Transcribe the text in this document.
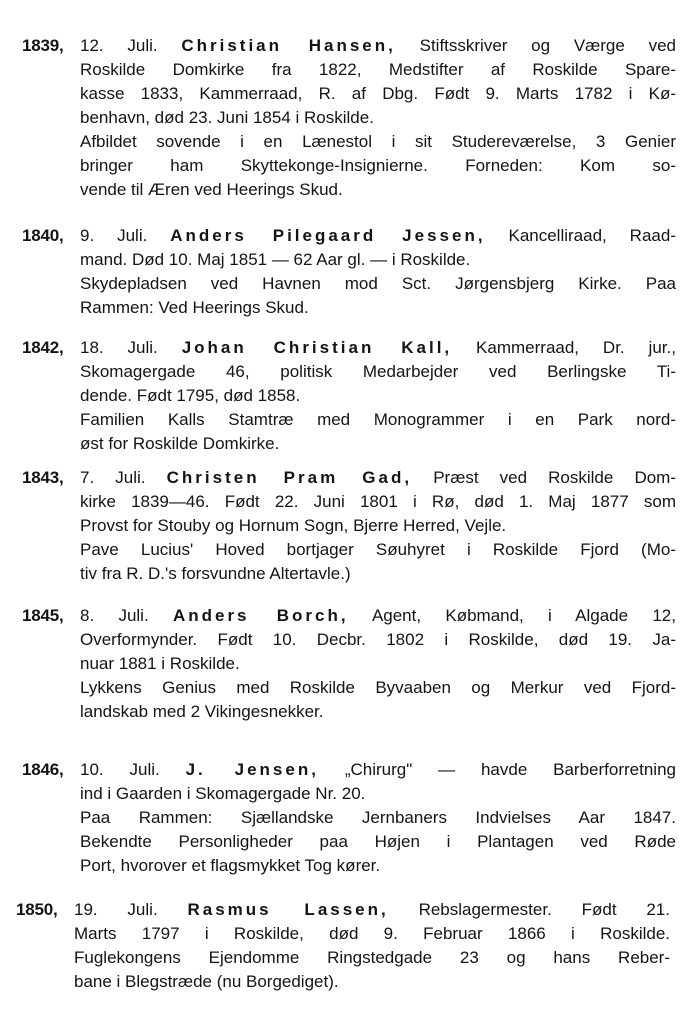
1839, 12. Juli. Christian Hansen, Stiftsskriver og Værge ved
Roskilde Domkirke fra 1822, Medstifter af Roskilde Spare-
kasse 1833, Kammerraad, R. af Dbg. Født 9. Marts 1782 i Kø-
benhavn, død 23. Juni 1854 i Roskilde.
Afbildet sovende i en Lænestol i sit Studereværelse, 3 Genier
bringer ham Skyttekonge-Insignierne. Forneden: Kom so-
vende til Æren ved Heerings Skud.
1840, 9. Juli. Anders Pilegaard Jessen, Kancelliraad, Raad-
mand. Død 10. Maj 1851 — 62 Aar gl. — i Roskilde.
Skydepladsen ved Havnen mod Sct. Jørgensbjerg Kirke. Paa
Rammen: Ved Heerings Skud.
1842, 18. Juli. Johan Christian Kall, Kammerraad, Dr. jur.,
Skomagergade 46, politisk Medarbejder ved Berlingske Ti-
dende. Født 1795, død 1858.
Familien Kalls Stamtræ med Monogrammer i en Park nord-
øst for Roskilde Domkirke.
1843, 7. Juli. Christen Pram Gad, Præst ved Roskilde Dom-
kirke 1839—46. Født 22. Juni 1801 i Rø, død 1. Maj 1877 som
Provst for Stouby og Hornum Sogn, Bjerre Herred, Vejle.
Pave Lucius' Hoved bortjager Søuhyret i Roskilde Fjord (Mo-
tiv fra R. D.'s forsvundne Altertavle.)
1845, 8. Juli. Anders Borch, Agent, Købmand, i Algade 12,
Overformynder. Født 10. Decbr. 1802 i Roskilde, død 19. Ja-
nuar 1881 i Roskilde.
Lykkens Genius med Roskilde Byvaaben og Merkur ved Fjord-
landskab med 2 Vikingesnekker.
1846, 10. Juli. J. Jensen, „Chirurg" — havde Barberforretning
ind i Gaarden i Skomagergade Nr. 20.
Paa Rammen: Sjællandske Jernbaners Indvielses Aar 1847.
Bekendte Personligheder paa Højen i Plantagen ved Røde
Port, hvorover et flagsmykket Tog kører.
1850, 19. Juli. Rasmus Lassen, Rebslagermester. Født 21.
Marts 1797 i Roskilde, død 9. Februar 1866 i Roskilde.
Fuglekongens Ejendomme Ringstedgade 23 og hans Reber-
bane i Blegstræde (nu Borgediget).
